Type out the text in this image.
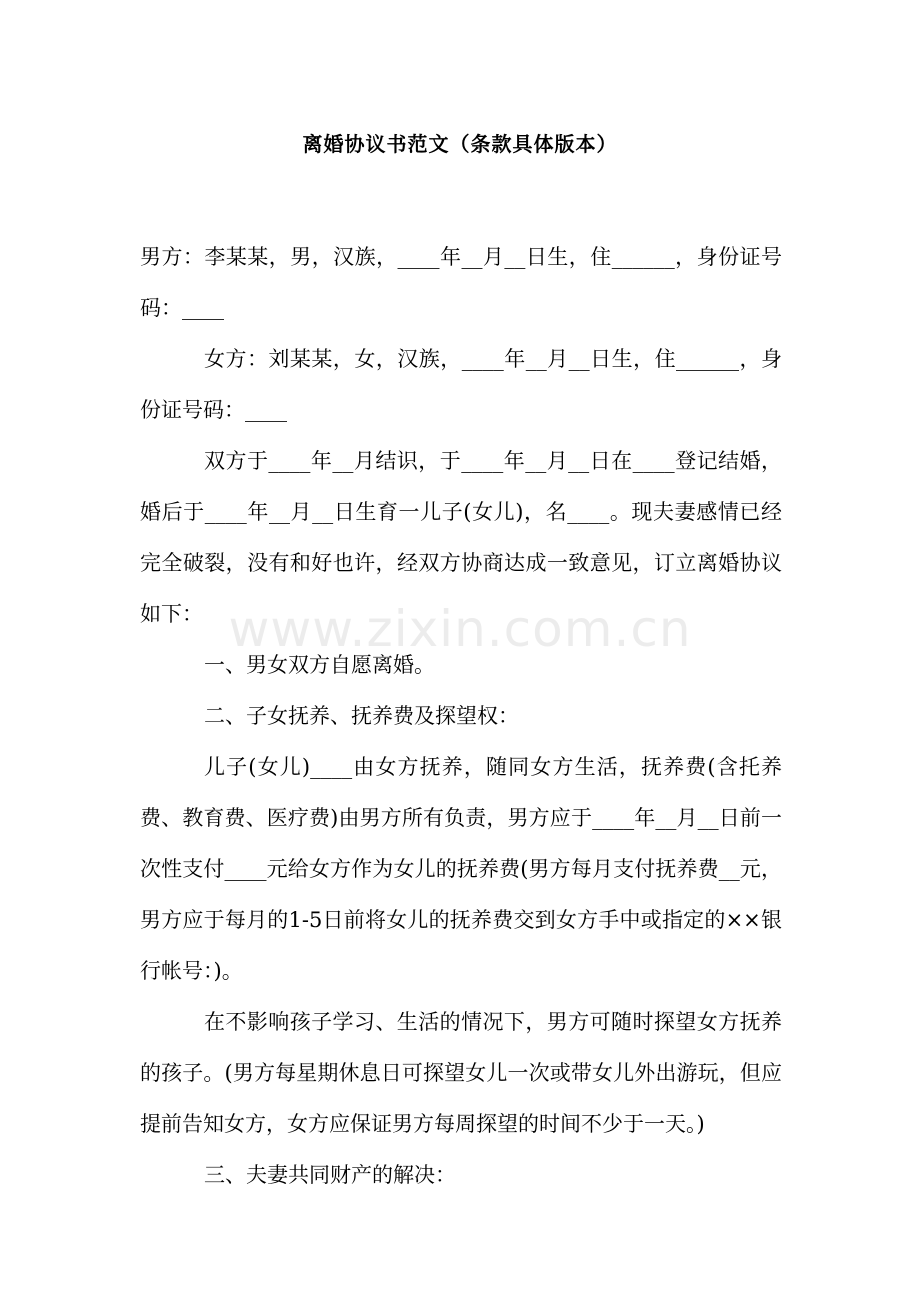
离婚协议书范文（条款具体版本）
www.zixin.com.cn

男方：李某某，男，汉族，____年__月__日生，住______，身份证号码：____

女方：刘某某，女，汉族，____年__月__日生，住______，身份证号码：____

双方于____年__月结识，于____年__月__日在____登记结婚，婚后于____年__月__日生育一儿子(女儿)，名____。现夫妻感情已经完全破裂，没有和好也许，经双方协商达成一致意见，订立离婚协议如下：

一、男女双方自愿离婚。

二、子女抚养、抚养费及探望权：

儿子(女儿)____由女方抚养，随同女方生活，抚养费(含托养费、教育费、医疗费)由男方所有负责，男方应于____年__月__日前一次性支付____元给女方作为女儿的抚养费(男方每月支付抚养费__元，男方应于每月的1-5日前将女儿的抚养费交到女方手中或指定的××银行帐号：)。

在不影响孩子学习、生活的情况下，男方可随时探望女方抚养的孩子。(男方每星期休息日可探望女儿一次或带女儿外出游玩，但应提前告知女方，女方应保证男方每周探望的时间不少于一天。)

三、夫妻共同财产的解决：
